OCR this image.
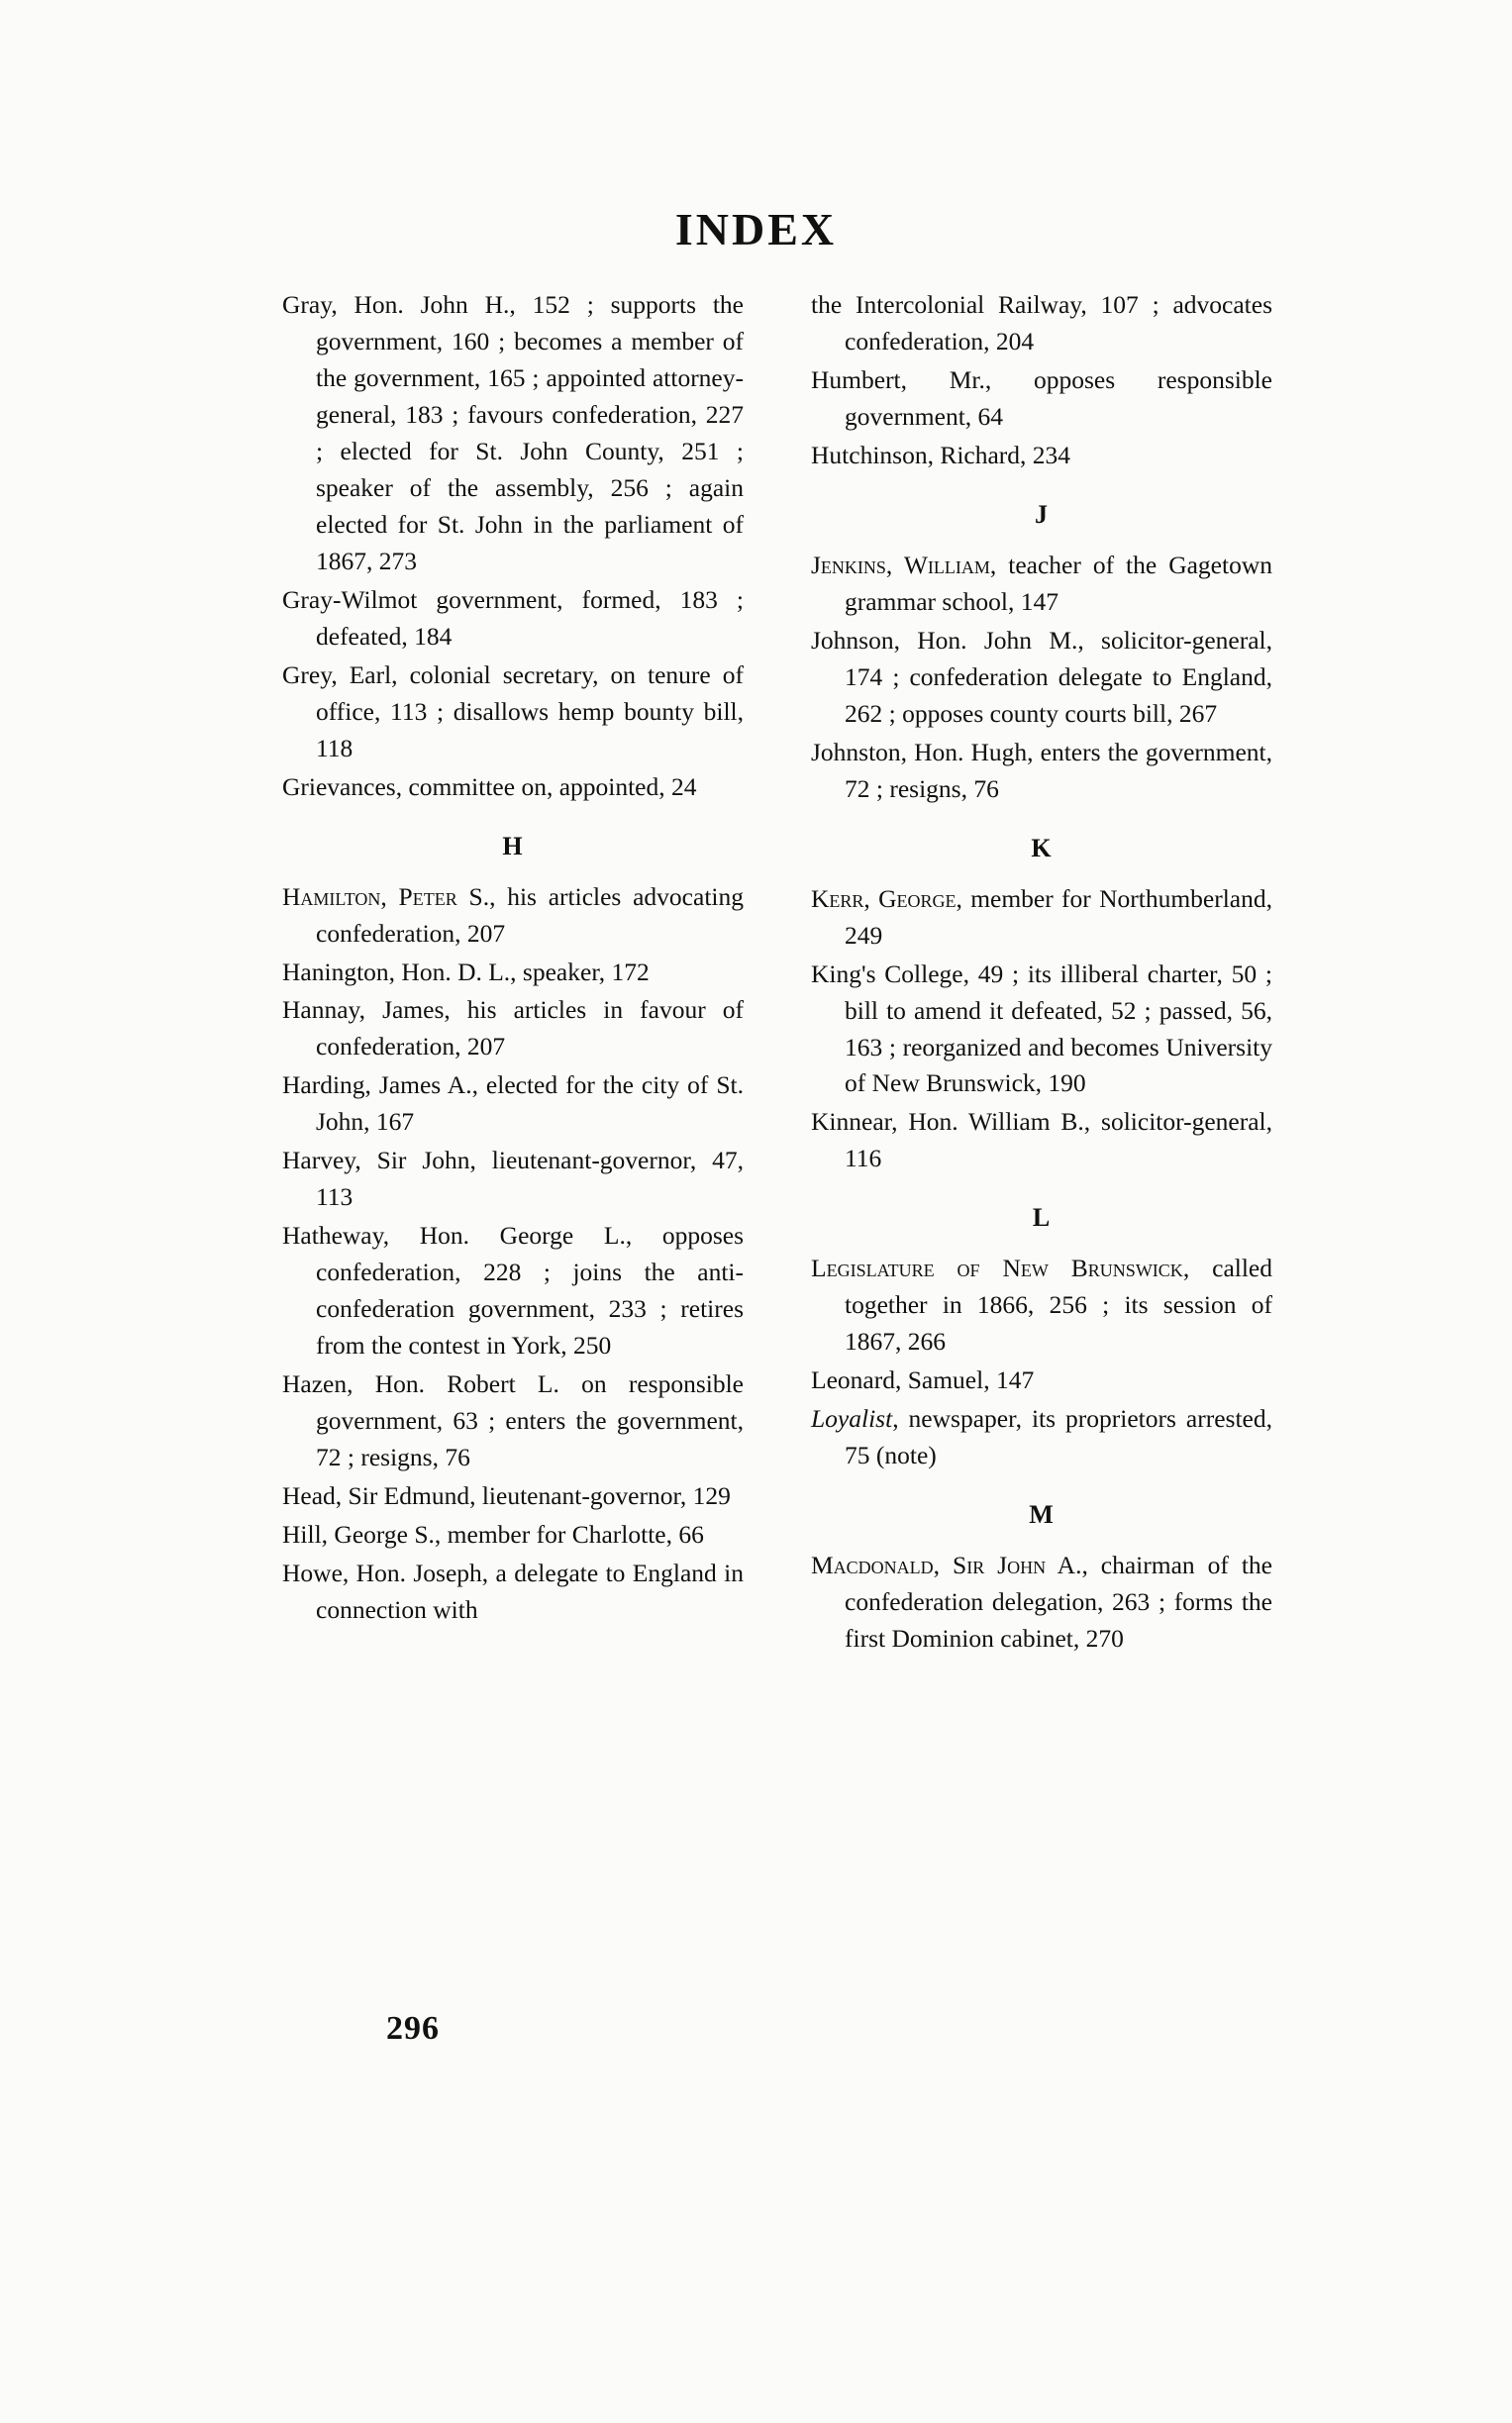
INDEX
Gray, Hon. John H., 152 ; supports the government, 160 ; becomes a member of the government, 165 ; appointed attorney-general, 183 ; favours confederation, 227 ; elected for St. John County, 251 ; speaker of the assembly, 256 ; again elected for St. John in the parliament of 1867, 273
Gray-Wilmot government, formed, 183 ; defeated, 184
Grey, Earl, colonial secretary, on tenure of office, 113 ; disallows hemp bounty bill, 118
Grievances, committee on, appointed, 24
H
Hamilton, Peter S., his articles advocating confederation, 207
Hanington, Hon. D. L., speaker, 172
Hannay, James, his articles in favour of confederation, 207
Harding, James A., elected for the city of St. John, 167
Harvey, Sir John, lieutenant-governor, 47, 113
Hatheway, Hon. George L., opposes confederation, 228 ; joins the anti-confederation government, 233 ; retires from the contest in York, 250
Hazen, Hon. Robert L. on responsible government, 63 ; enters the government, 72 ; resigns, 76
Head, Sir Edmund, lieutenant-governor, 129
Hill, George S., member for Charlotte, 66
Howe, Hon. Joseph, a delegate to England in connection with
the Intercolonial Railway, 107 ; advocates confederation, 204
Humbert, Mr., opposes responsible government, 64
Hutchinson, Richard, 234
J
Jenkins, William, teacher of the Gagetown grammar school, 147
Johnson, Hon. John M., solicitor-general, 174 ; confederation delegate to England, 262 ; opposes county courts bill, 267
Johnston, Hon. Hugh, enters the government, 72 ; resigns, 76
K
Kerr, George, member for Northumberland, 249
King's College, 49 ; its illiberal charter, 50 ; bill to amend it defeated, 52 ; passed, 56, 163 ; reorganized and becomes University of New Brunswick, 190
Kinnear, Hon. William B., solicitor-general, 116
L
Legislature of New Brunswick, called together in 1866, 256 ; its session of 1867, 266
Leonard, Samuel, 147
Loyalist, newspaper, its proprietors arrested, 75 (note)
M
Macdonald, Sir John A., chairman of the confederation delegation, 263 ; forms the first Dominion cabinet, 270
296
